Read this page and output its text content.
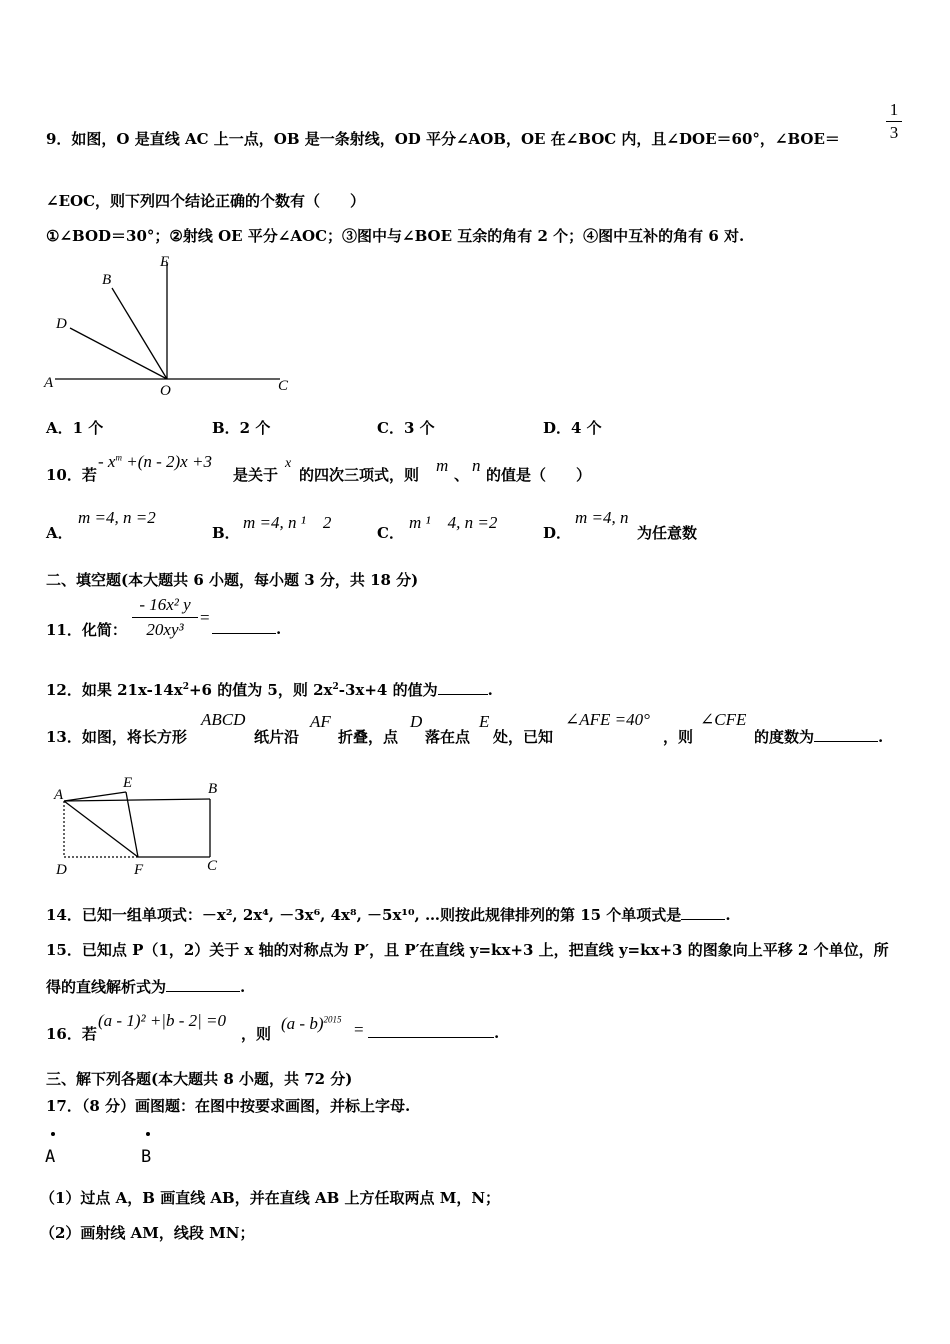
9．如图，O 是直线 AC 上一点，OB 是一条射线，OD 平分∠AOB，OE 在∠BOC 内，且∠DOE＝60°，∠BOE＝
1
3
∠EOC，则下列四个结论正确的个数有（　　）
①∠BOD＝30°；②射线 OE 平分∠AOC；③图中与∠BOE 互余的角有 2 个；④图中互补的角有 6 对.
B
E
D
A	O	C
A．1 个	B．2 个	C．3 个	D．4 个
10．若
- $x^m +(n - 2)x +3$
是关于
x
的四次三项式，则 m 、 n 的值是（　　）
A．
m =4, n =2
B．
m =4, n ¹　2
C．
m ¹　4, n =2
D．
m =4, n
为任意数
二、填空题(本大题共 6 小题，每小题 3 分，共 18 分)
11．化简：
- 16x² y
20xy³
=
.
12．如果 $21x-14x^2+6$ 的值为 5，则 $2x^2-3x+4$ 的值为	.
13．如图，将长方形
ABCD
纸片沿
AF
折叠，点
D
落在点
E
处，已知
∠AFE =40°
，则
∠CFE
的度数为	.
A
E	B
D	F	C
14．已知一组单项式：－x², 2x⁴, －3x⁶, 4x⁸, －5x¹⁰, …则按此规律排列的第 15 个单项式是	.
15．已知点 P（1，2）关于 x 轴的对称点为 P′，且 P′在直线 y=kx+3 上，把直线 y=kx+3 的图象向上平移 2 个单位，所
得的直线解析式为	.
16．若
(a - 1)² +|b - 2| =0
，则
(a - b)$^{2015}$
=	.
三、解下列各题(本大题共 8 小题，共 72 分)
17．（8 分）画图题：在图中按要求画图，并标上字母.
A	B
（1）过点 A，B 画直线 AB，并在直线 AB 上方任取两点 M，N；
（2）画射线 AM，线段 MN；
